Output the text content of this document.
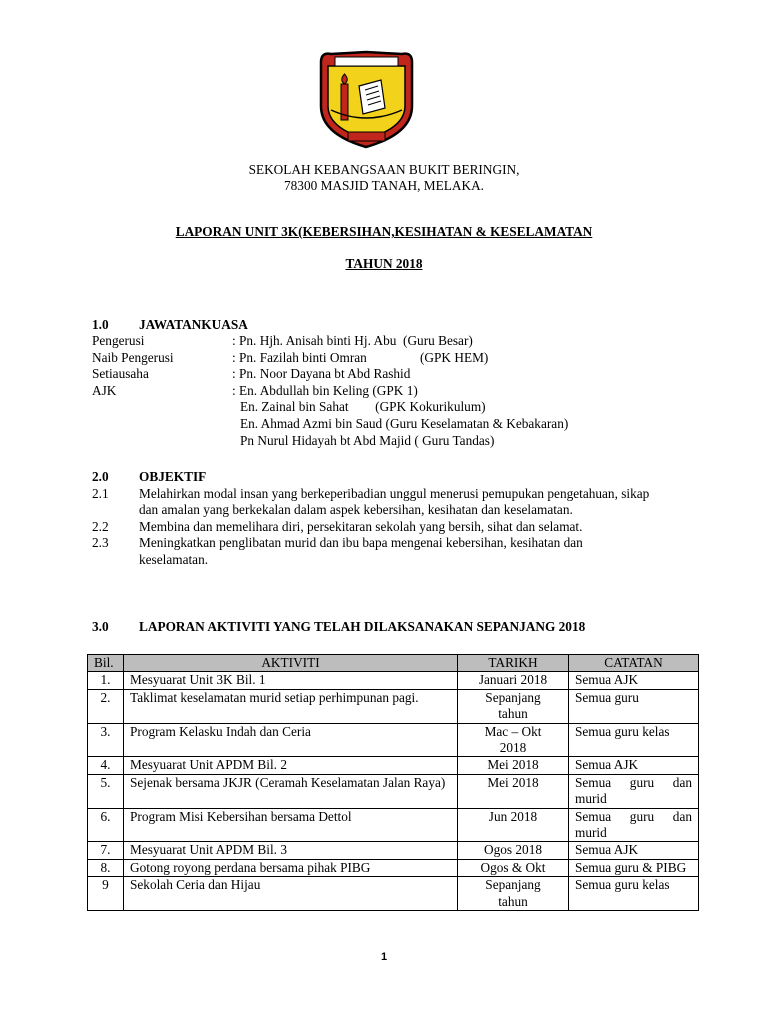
SEKOLAH KEBANGSAAN BUKIT BERINGIN,
78300 MASJID TANAH, MELAKA.
LAPORAN UNIT 3K(KEBERSIHAN,KESIHATAN & KESELAMATAN
TAHUN 2018
1.0 JAWATANKUASA
Pengerusi	: Pn. Hjh. Anisah binti Hj. Abu  (Guru Besar)
Naib Pengerusi	: Pn. Fazilah binti Omran                (GPK HEM)
Setiausaha	: Pn. Noor Dayana bt Abd Rashid
AJK	: En. Abdullah bin Keling (GPK 1)
En. Zainal bin Sahat        (GPK Kokurikulum)
En. Ahmad Azmi bin Saud (Guru Keselamatan & Kebakaran)
Pn Nurul Hidayah bt Abd Majid ( Guru Tandas)
2.0 OBJEKTIF
2.1 Melahirkan modal insan yang berkeperibadian unggul menerusi pemupukan pengetahuan, sikap dan amalan yang berkekalan dalam aspek kebersihan, kesihatan dan keselamatan.
2.2 Membina dan memelihara diri, persekitaran sekolah yang bersih, sihat dan selamat.
2.3 Meningkatkan penglibatan murid dan ibu bapa mengenai kebersihan, kesihatan dan keselamatan.
3.0 LAPORAN AKTIVITI YANG TELAH DILAKSANAKAN SEPANJANG 2018
Bil.	AKTIVITI	TARIKH	CATATAN
1.	Mesyuarat Unit 3K Bil. 1	Januari 2018	Semua AJK
2.	Taklimat keselamatan murid setiap perhimpunan pagi.	Sepanjang tahun	Semua guru
3.	Program Kelasku Indah dan Ceria	Mac – Okt 2018	Semua guru kelas
4.	Mesyuarat Unit APDM Bil. 2	Mei 2018	Semua AJK
5.	Sejenak bersama JKJR (Ceramah Keselamatan Jalan Raya)	Mei 2018	Semua guru dan murid
6.	Program Misi Kebersihan bersama Dettol	Jun 2018	Semua guru dan murid
7.	Mesyuarat Unit APDM Bil. 3	Ogos 2018	Semua AJK
8.	Gotong royong perdana bersama pihak PIBG	Ogos & Okt	Semua guru & PIBG
9	Sekolah Ceria dan Hijau	Sepanjang tahun	Semua guru kelas
1
